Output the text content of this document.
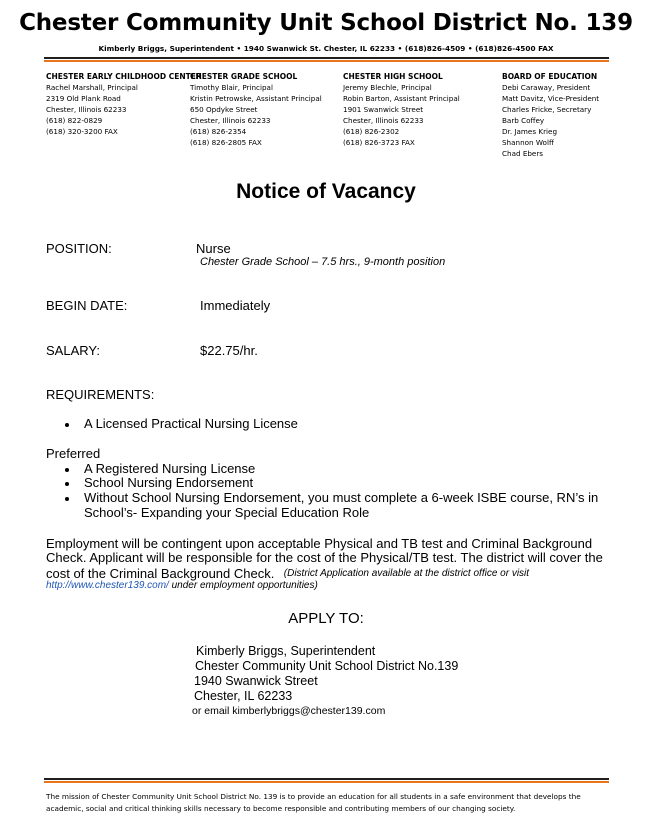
Chester Community Unit School District No. 139
Kimberly Briggs, Superintendent • 1940 Swanwick St. Chester, IL 62233 • (618)826-4509 • (618)826-4500 FAX
CHESTER EARLY CHILDHOOD CENTER
Rachel Marshall, Principal
2319 Old Plank Road
Chester, Illinois 62233
(618) 822-0829
(618) 320-3200 FAX
CHESTER GRADE SCHOOL
Timothy Blair, Principal
Kristin Petrowske, Assistant Principal
650 Opdyke Street
Chester, Illinois 62233
(618) 826-2354
(618) 826-2805 FAX
CHESTER HIGH SCHOOL
Jeremy Blechle, Principal
Robin Barton, Assistant Principal
1901 Swanwick Street
Chester, Illinois 62233
(618) 826-2302
(618) 826-3723 FAX
BOARD OF EDUCATION
Debi Caraway, President
Matt Davitz, Vice-President
Charles Fricke, Secretary
Barb Coffey
Dr. James Krieg
Shannon Wolff
Chad Ebers
Notice of Vacancy
POSITION:	Nurse
Chester Grade School – 7.5 hrs., 9-month position
BEGIN DATE:	Immediately
SALARY:	$22.75/hr.
REQUIREMENTS:
A Licensed Practical Nursing License
Preferred
A Registered Nursing License
School Nursing Endorsement
Without School Nursing Endorsement, you must complete a 6-week ISBE course, RN’s in
School’s- Expanding your Special Education Role
Employment will be contingent upon acceptable Physical and TB test and Criminal Background
Check. Applicant will be responsible for the cost of the Physical/TB test. The district will cover the
cost of the Criminal Background Check. (District Application available at the district office or visit
http://www.chester139.com/ under employment opportunities)
APPLY TO:
Kimberly Briggs, Superintendent
Chester Community Unit School District No.139
1940 Swanwick Street
Chester, IL 62233
or email kimberlybriggs@chester139.com
The mission of Chester Community Unit School District No. 139 is to provide an education for all students in a safe environment that develops the academic, social and critical thinking skills necessary to become responsible and contributing members of our changing society.
